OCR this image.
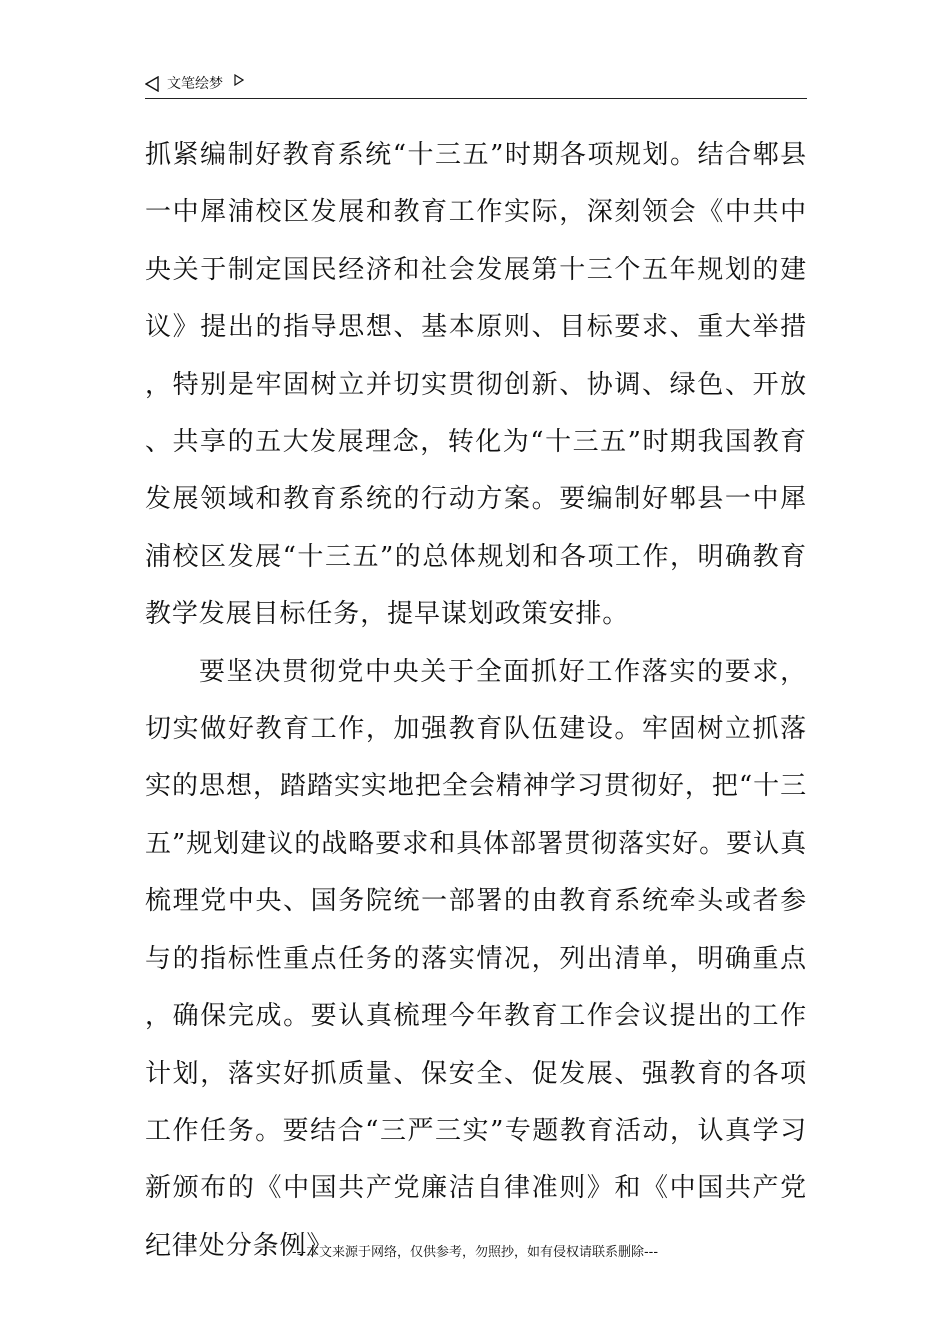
文笔绘梦

抓紧编制好教育系统“十三五”时期各项规划。结合郫县一中犀浦校区发展和教育工作实际，深刻领会《中共中央关于制定国民经济和社会发展第十三个五年规划的建议》提出的指导思想、基本原则、目标要求、重大举措，特别是牢固树立并切实贯彻创新、协调、绿色、开放、共享的五大发展理念，转化为“十三五”时期我国教育发展领域和教育系统的行动方案。要编制好郫县一中犀浦校区发展“十三五”的总体规划和各项工作，明确教育教学发展目标任务，提早谋划政策安排。

要坚决贯彻党中央关于全面抓好工作落实的要求，切实做好教育工作，加强教育队伍建设。牢固树立抓落实的思想，踏踏实实地把全会精神学习贯彻好，把“十三五”规划建议的战略要求和具体部署贯彻落实好。要认真梳理党中央、国务院统一部署的由教育系统牵头或者参与的指标性重点任务的落实情况，列出清单，明确重点，确保完成。要认真梳理今年教育工作会议提出的工作计划，落实好抓质量、保安全、促发展、强教育的各项工作任务。要结合“三严三实”专题教育活动，认真学习新颁布的《中国共产党廉洁自律准则》和《中国共产党纪律处分条例》

---本文来源于网络，仅供参考，勿照抄，如有侵权请联系删除---
